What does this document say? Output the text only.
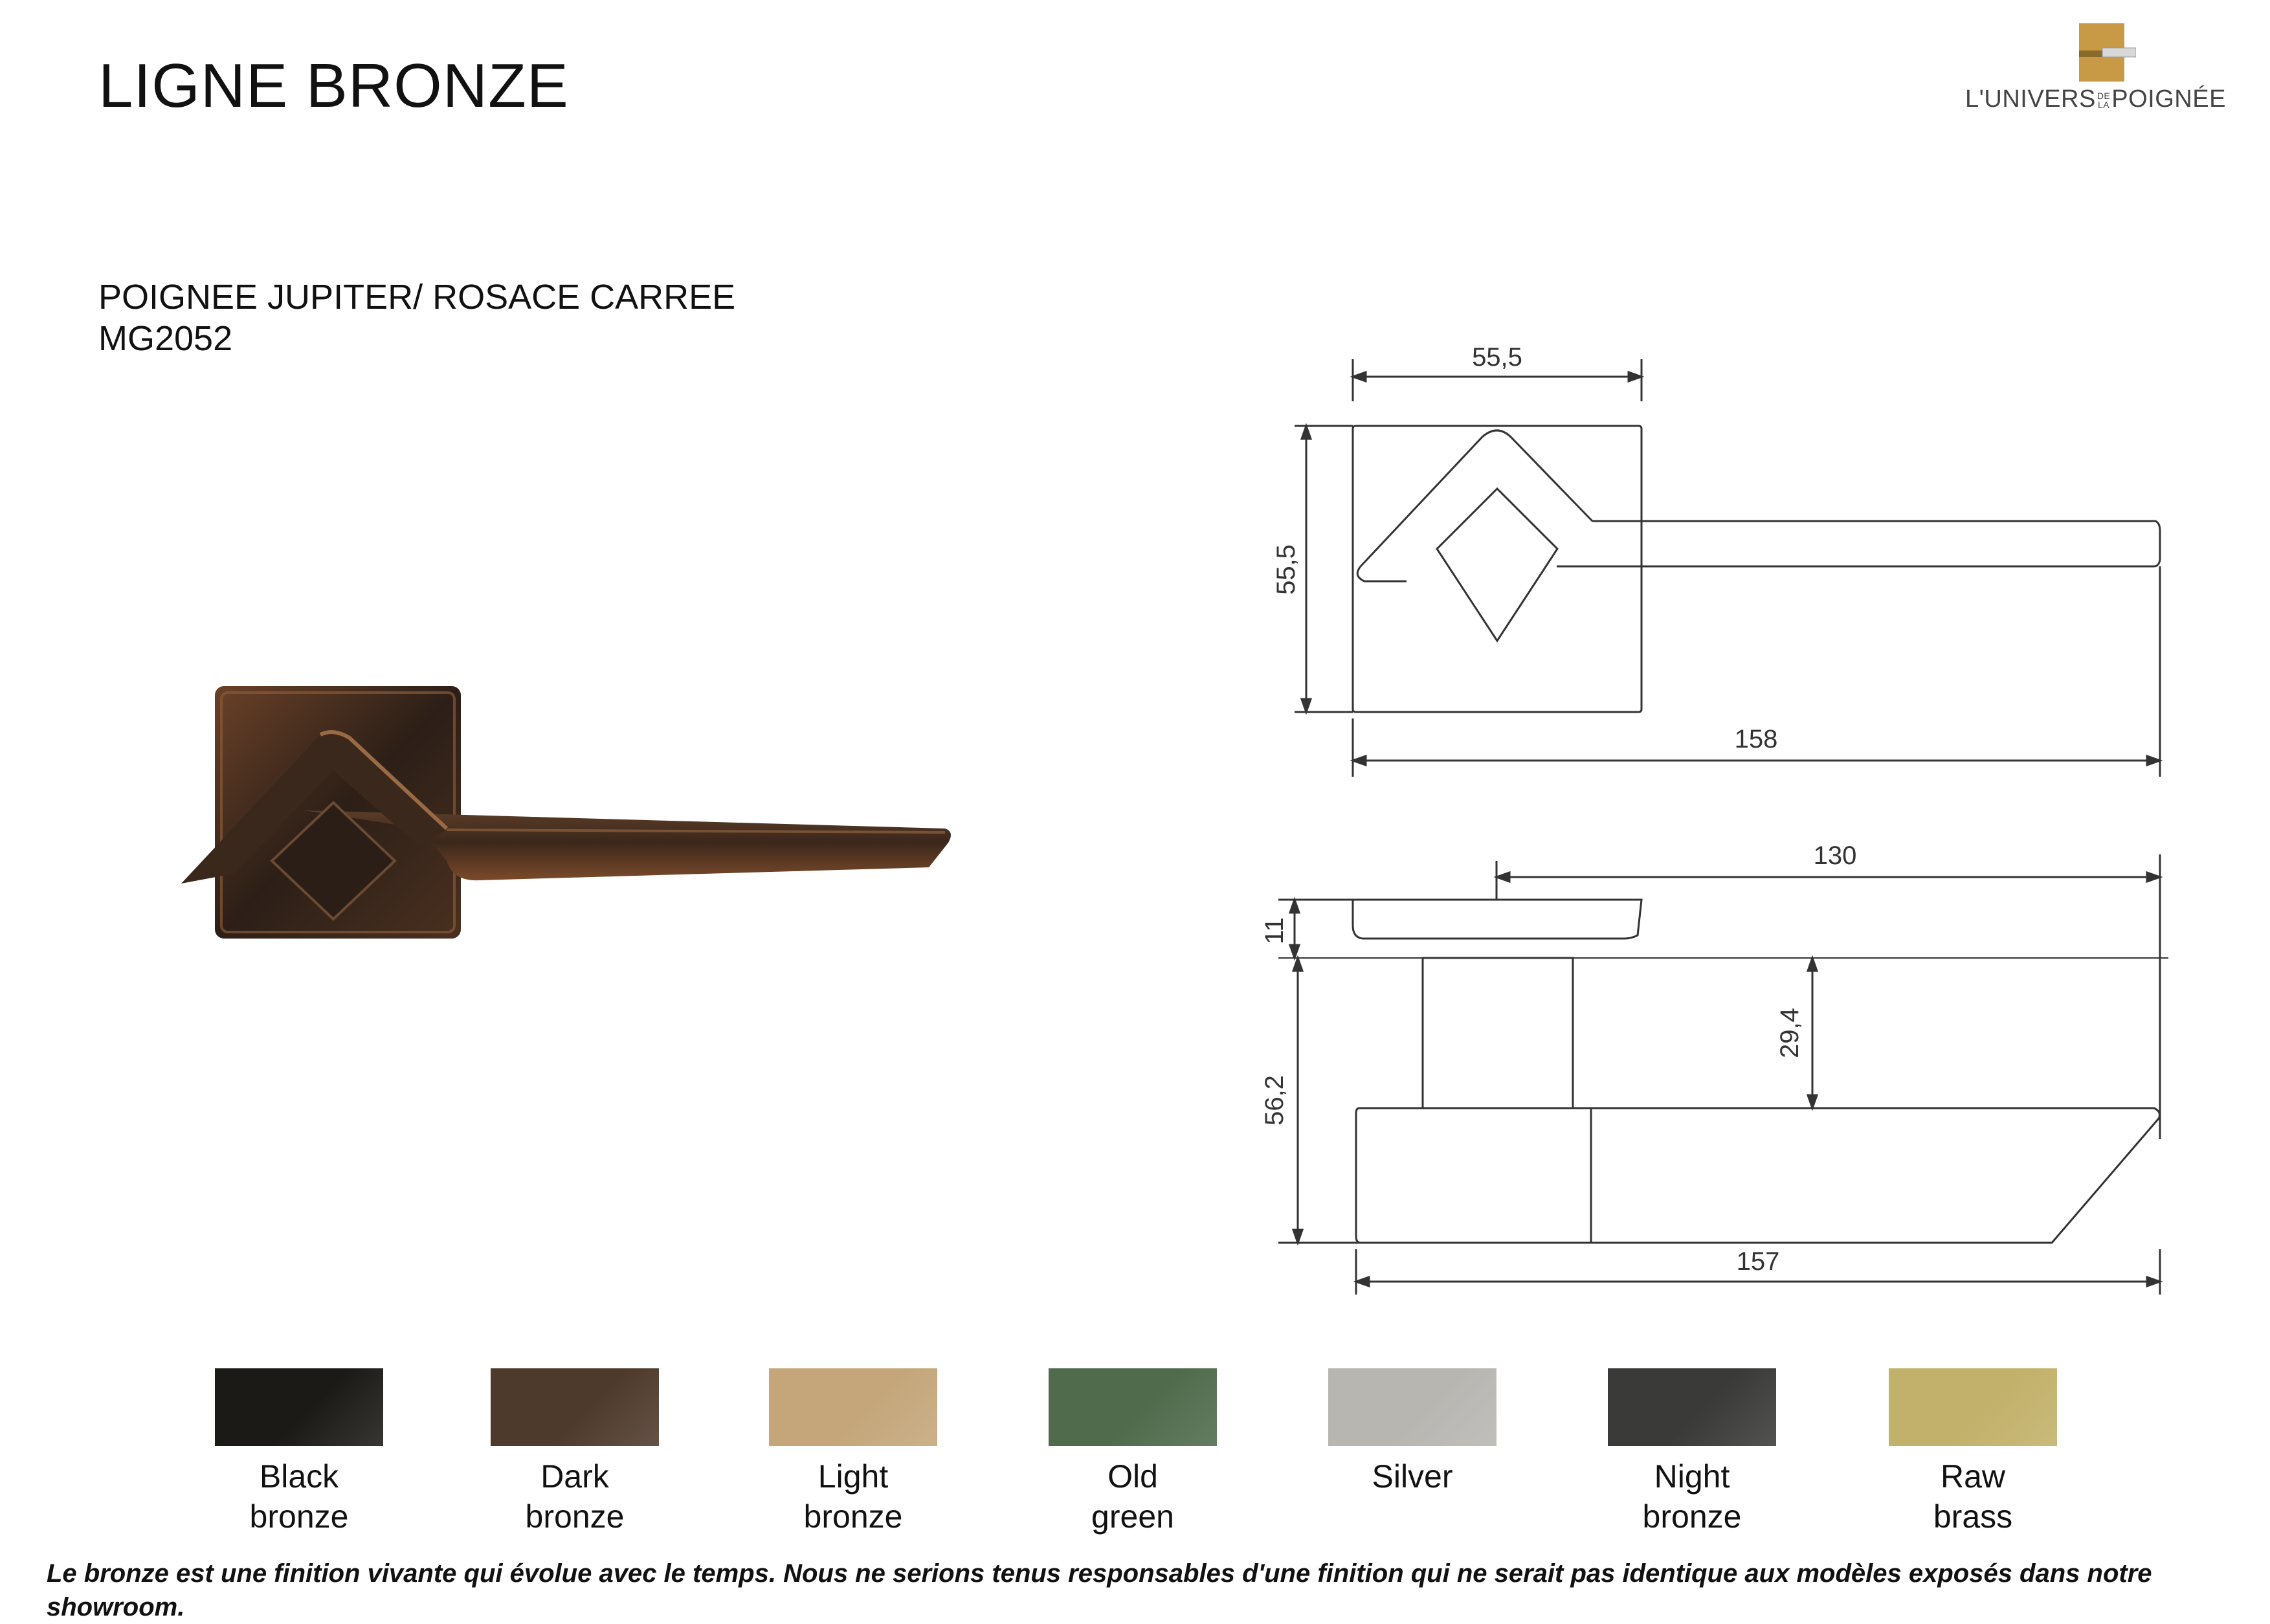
LIGNE BRONZE	L'UNIVERS DE
LAPOIGNÉE
POIGNEE JUPITER/ ROSACE CARREE
MG2052	55,5
55,5
158
130
11
29,4
56,2
157
Black
bronze
Dark
bronze
Light
bronze
Old
green
Silver	Night
bronze
Raw
brass
Le bronze est une finition vivante qui évolue avec le temps. Nous ne serions tenus responsables d'une finition qui ne serait pas identique aux modèles exposés dans notre showroom.
